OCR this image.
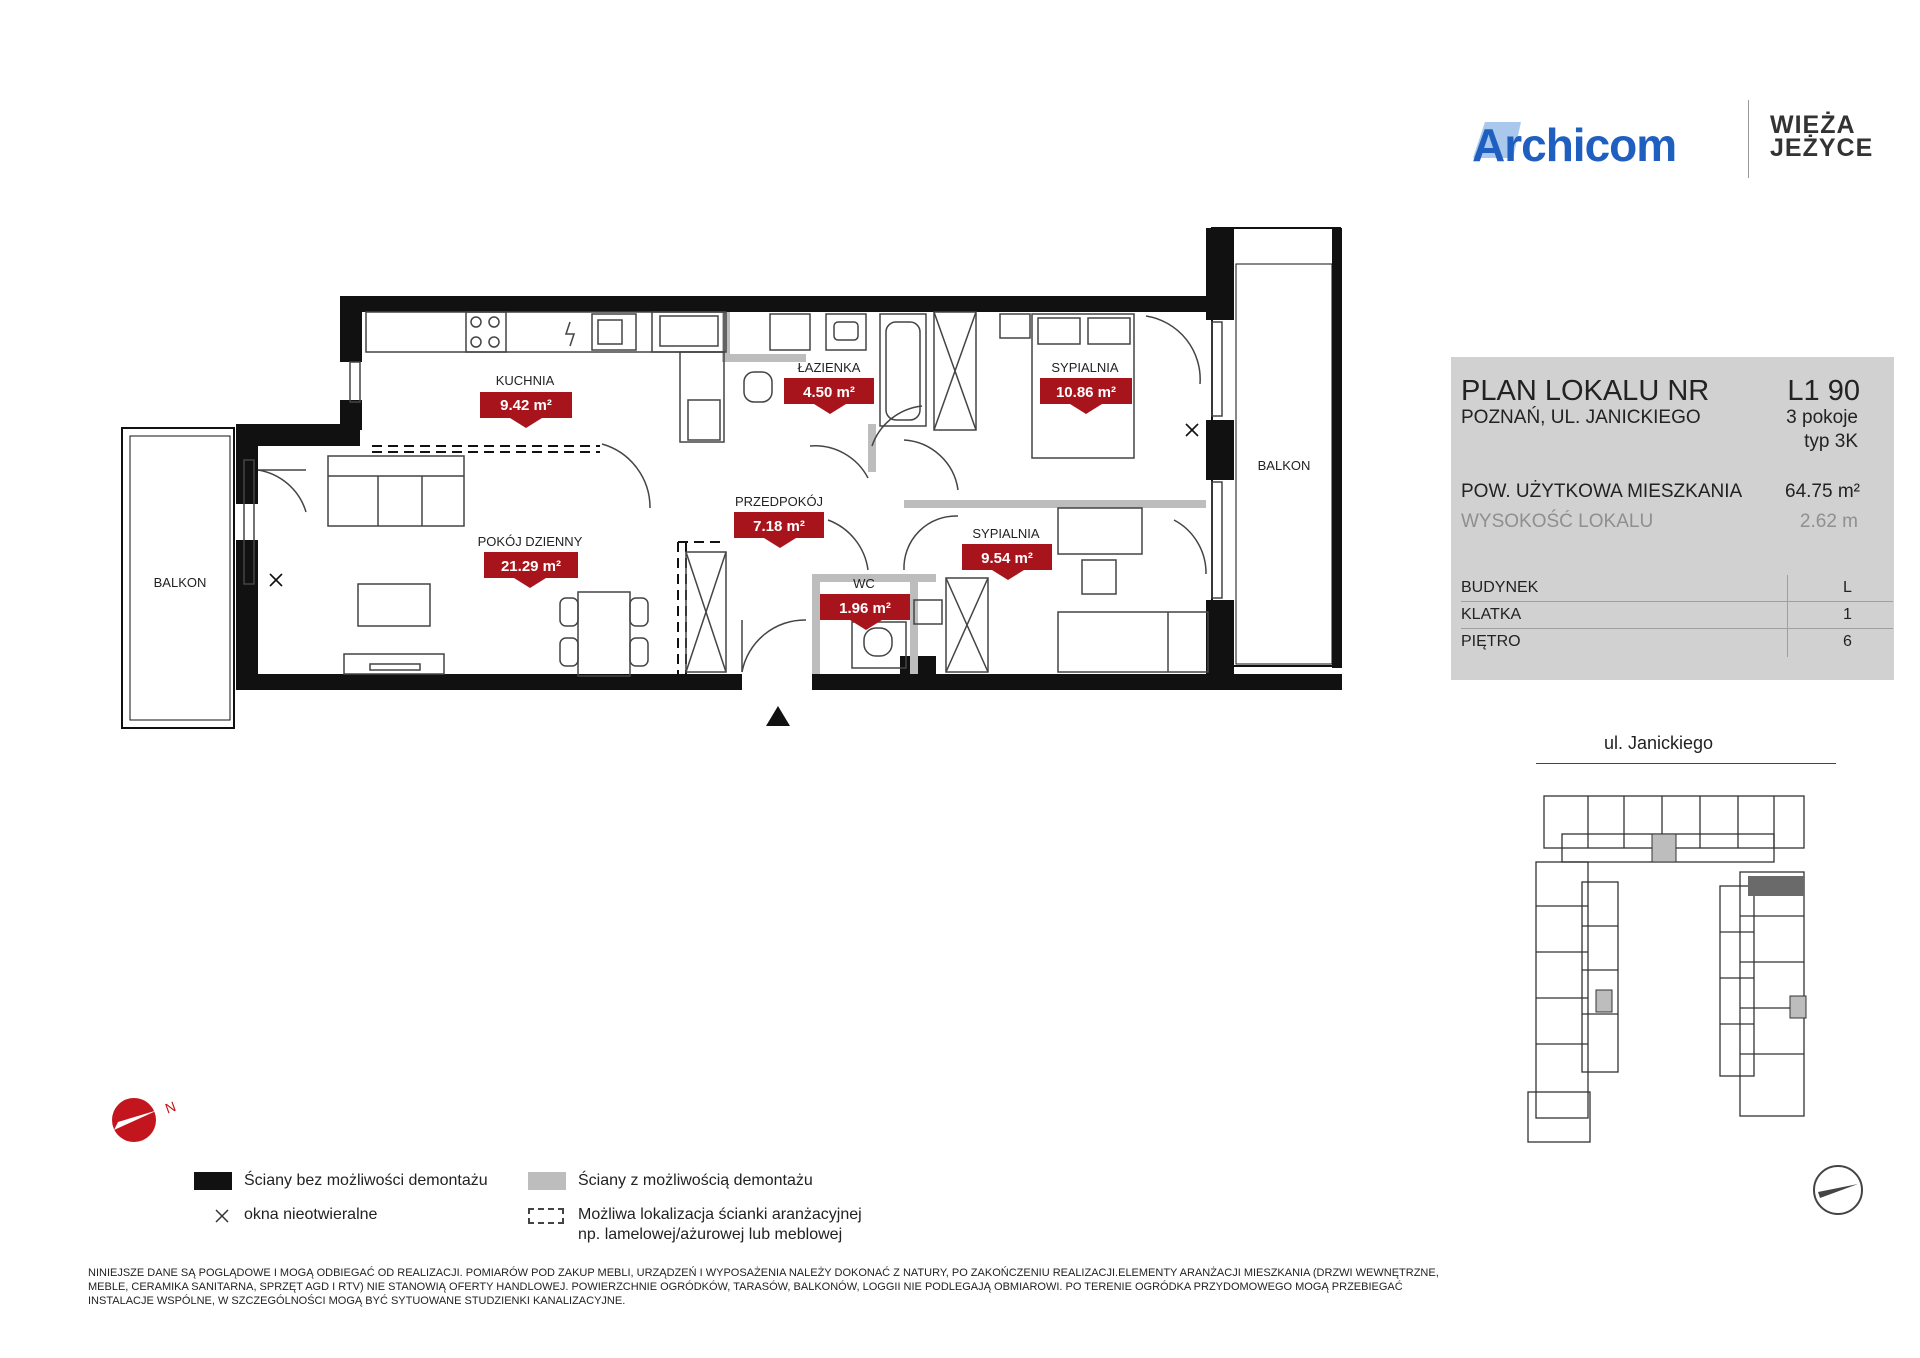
Archicom	WIEŻA JEŻYCE
BALKON
BALKON
KUCHNIA
9.42 m²
ŁAZIENKA
4.50 m²
SYPIALNIA
10.86 m²
PRZEDPOKÓJ
7.18 m²
POKÓJ DZIENNY
21.29 m²
SYPIALNIA
9.54 m²
WC
1.96 m²
PLAN LOKALU NR	L1 90
POZNAŃ, UL. JANICKIEGO	3 pokoje
typ 3K
POW. UŻYTKOWA MIESZKANIA 64.75 m²
WYSOKOŚĆ LOKALU	2.62 m
BUDYNEK	L
KLATKA	1
PIĘTRO	6
ul. Janickiego
N
Ściany bez możliwości demontażu	Ściany z możliwością demontażu
okna nieotwieralne	Możliwa lokalizacja ścianki aranżacyjnej
np. lamelowej/ażurowej lub meblowej
NINIEJSZE DANE SĄ POGLĄDOWE I MOGĄ ODBIEGAĆ OD REALIZACJI. POMIARÓW POD ZAKUP MEBLI, URZĄDZEŃ I WYPOSAŻENIA NALEŻY DOKONAĆ Z NATURY, PO ZAKOŃCZENIU REALIZACJI.ELEMENTY ARANŻACJI MIESZKANIA (DRZWI WEWNĘTRZNE, MEBLE, CERAMIKA SANITARNA, SPRZĘT AGD I RTV) NIE STANOWIĄ OFERTY HANDLOWEJ. POWIERZCHNIE OGRÓDKÓW, TARASÓW, BALKONÓW, LOGGII NIE PODLEGAJĄ OBMIAROWI. PO TERENIE OGRÓDKA PRZYDOMOWEGO MOGĄ PRZEBIEGAĆ INSTALACJE WSPÓLNE, W SZCZEGÓLNOŚCI MOGĄ BYĆ SYTUOWANE STUDZIENKI KANALIZACYJNE.
